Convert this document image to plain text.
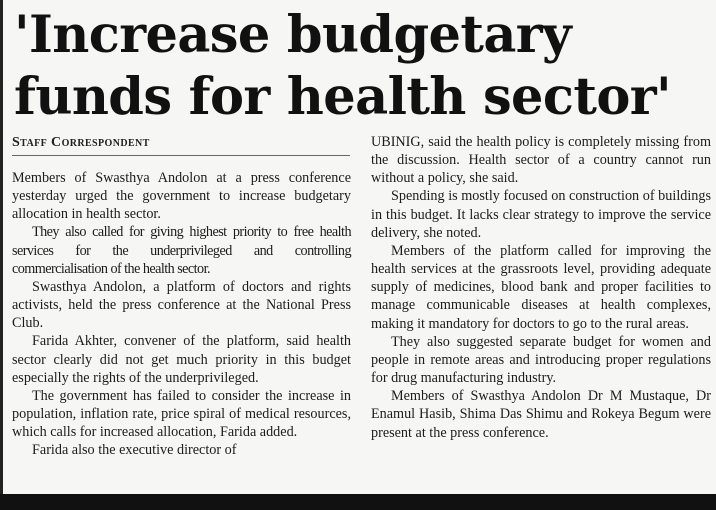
'Increase budgetary funds for health sector'
Staff Correspondent

Members of Swasthya Andolon at a press conference yesterday urged the government to increase budgetary allocation in health sector.

They also called for giving highest priority to free health services for the underprivileged and controlling commercialisation of the health sector.

Swasthya Andolon, a platform of doctors and rights activists, held the press conference at the National Press Club.

Farida Akhter, convener of the platform, said health sector clearly did not get much priority in this budget especially the rights of the underprivileged.

The government has failed to consider the increase in population, inflation rate, price spiral of medical resources, which calls for increased allocation, Farida added.

Farida also the executive director of

UBINIG, said the health policy is completely missing from the discussion. Health sector of a country cannot run without a policy, she said.

Spending is mostly focused on construction of buildings in this budget. It lacks clear strategy to improve the service delivery, she noted.

Members of the platform called for improving the health services at the grassroots level, providing adequate supply of medicines, blood bank and proper facilities to manage communicable diseases at health complexes, making it mandatory for doctors to go to the rural areas.

They also suggested separate budget for women and people in remote areas and introducing proper regulations for drug manufacturing industry.

Members of Swasthya Andolon Dr M Mustaque, Dr Enamul Hasib, Shima Das Shimu and Rokeya Begum were present at the press conference.
